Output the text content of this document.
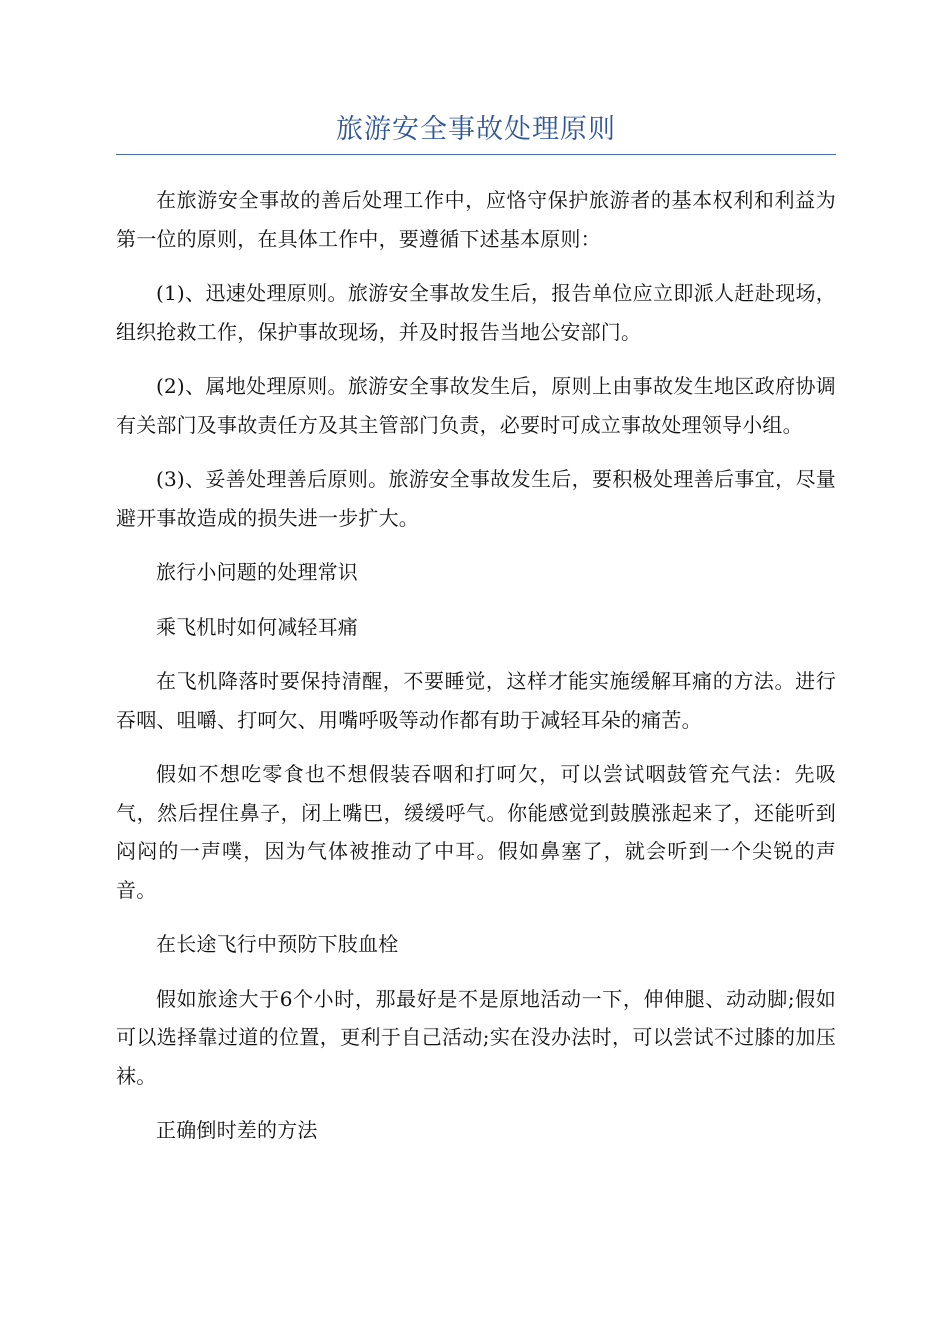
旅游安全事故处理原则

在旅游安全事故的善后处理工作中，应恪守保护旅游者的基本权利和利益为第一位的原则，在具体工作中，要遵循下述基本原则：

(1)、迅速处理原则。旅游安全事故发生后，报告单位应立即派人赶赴现场，组织抢救工作，保护事故现场，并及时报告当地公安部门。

(2)、属地处理原则。旅游安全事故发生后，原则上由事故发生地区政府协调有关部门及事故责任方及其主管部门负责，必要时可成立事故处理领导小组。

(3)、妥善处理善后原则。旅游安全事故发生后，要积极处理善后事宜，尽量避开事故造成的损失进一步扩大。

旅行小问题的处理常识

乘飞机时如何减轻耳痛

在飞机降落时要保持清醒，不要睡觉，这样才能实施缓解耳痛的方法。进行吞咽、咀嚼、打呵欠、用嘴呼吸等动作都有助于减轻耳朵的痛苦。

假如不想吃零食也不想假装吞咽和打呵欠，可以尝试咽鼓管充气法：先吸气，然后捏住鼻子，闭上嘴巴，缓缓呼气。你能感觉到鼓膜涨起来了，还能听到闷闷的一声噗，因为气体被推动了中耳。假如鼻塞了，就会听到一个尖锐的声音。

在长途飞行中预防下肢血栓

假如旅途大于6个小时，那最好是不是原地活动一下，伸伸腿、动动脚;假如可以选择靠过道的位置，更利于自己活动;实在没办法时，可以尝试不过膝的加压袜。

正确倒时差的方法
